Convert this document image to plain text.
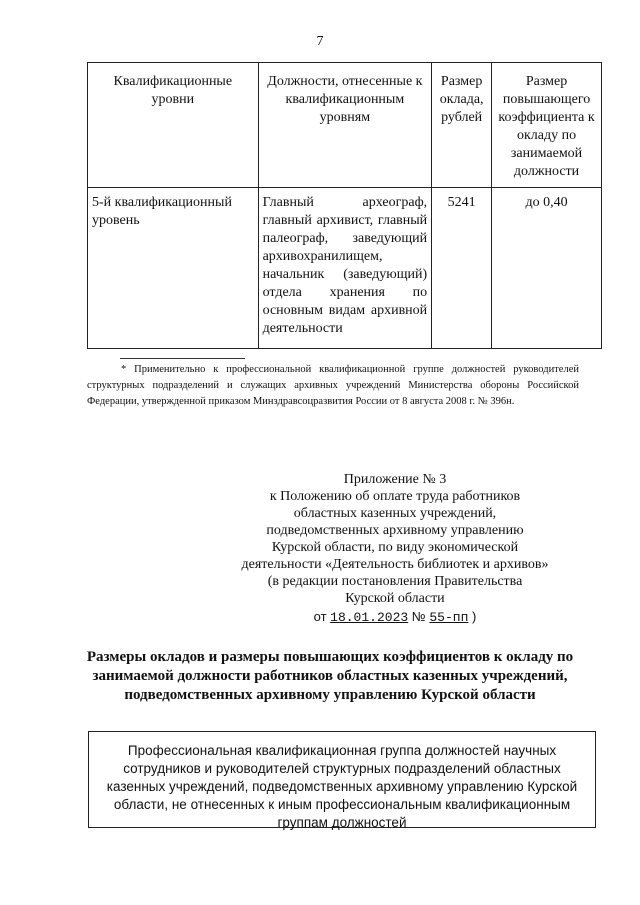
7
Квалификационные уровни	Должности, отнесенные к квалификационным уровням	Размер оклада, рублей	Размер повышающего коэффициента к окладу по занимаемой должности
5-й квалификационный уровень	Главный археограф, главный архивист, главный палеограф, заведующий архивохранилищем, начальник (заведующий) отдела хранения по основным видам архивной деятельности	5241	до 0,40
* Применительно к профессиональной квалификационной группе должностей руководителей структурных подразделений и служащих архивных учреждений Министерства обороны Российской Федерации, утвержденной приказом Минздравсоцразвития России от 8 августа 2008 г. № 396н.
Приложение № 3
к Положению об оплате труда работников
областных казенных учреждений,
подведомственных архивному управлению
Курской области, по виду экономической
деятельности «Деятельность библиотек и архивов»
(в редакции постановления Правительства
Курской области
от 18.01.2023 № 55-пп )
Размеры окладов и размеры повышающих коэффициентов к окладу по занимаемой должности работников областных казенных учреждений, подведомственных архивному управлению Курской области

Профессиональная квалификационная группа должностей научных сотрудников и руководителей структурных подразделений областных казенных учреждений, подведомственных архивному управлению Курской области, не отнесенных к иным профессиональным квалификационным группам должностей
